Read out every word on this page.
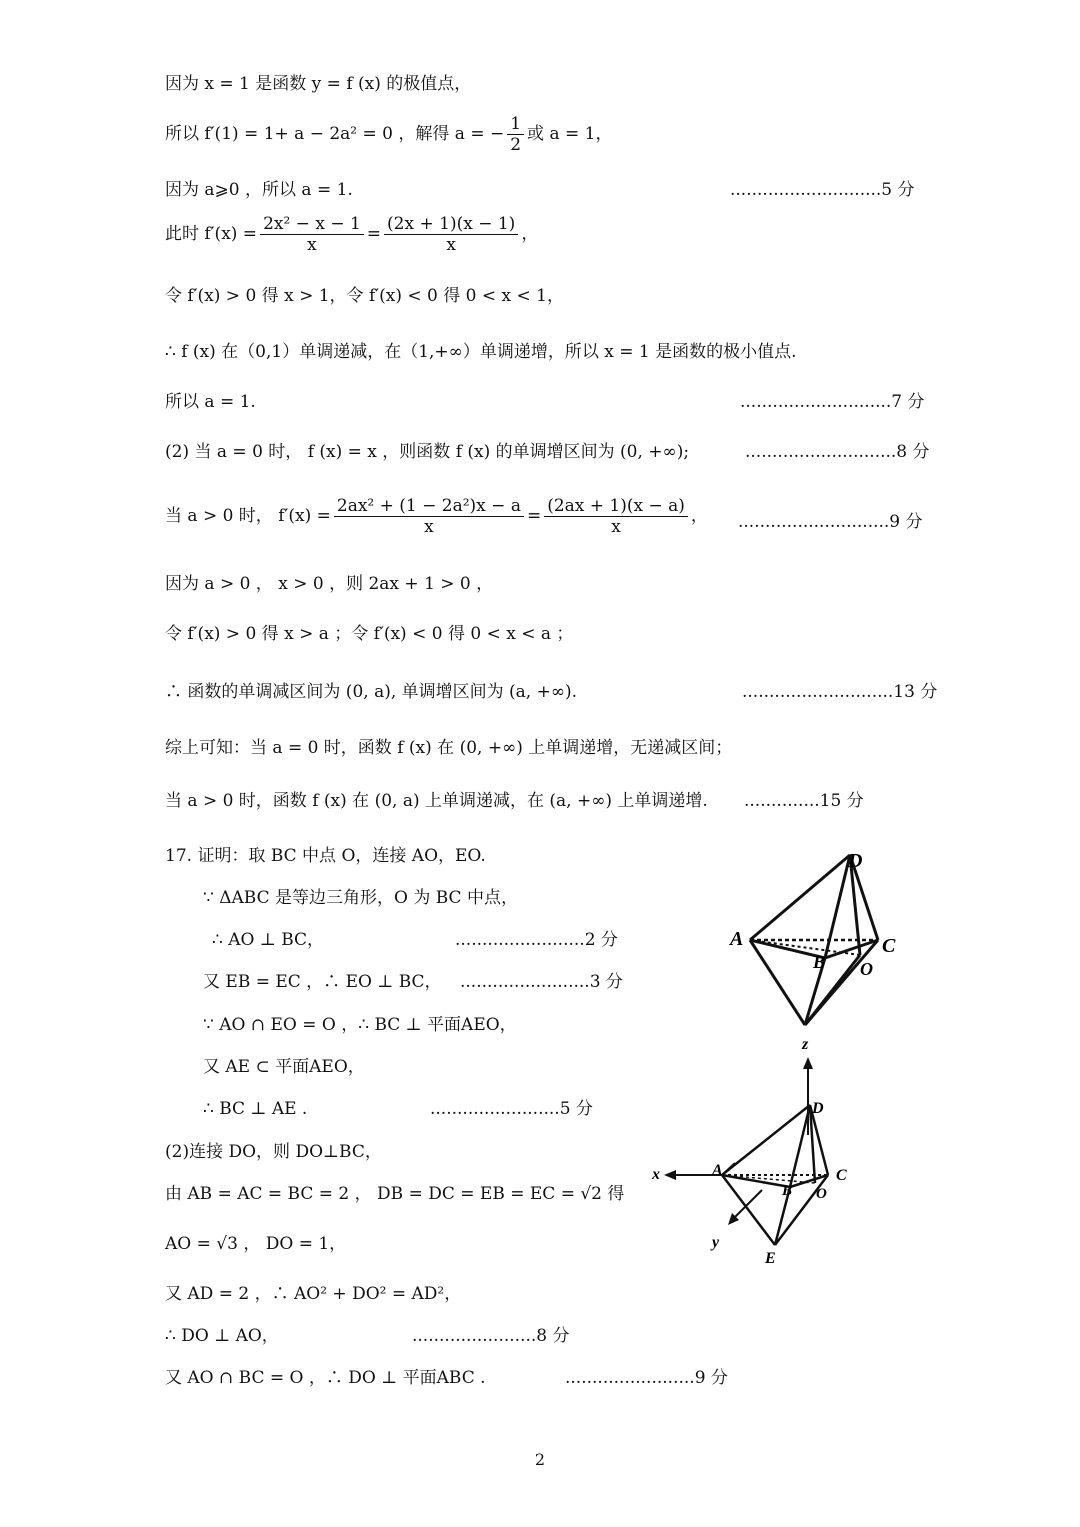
因为 x = 1 是函数 y = f (x) 的极值点，
所以 f′(1) = 1+ a − 2a² = 0 ，解得 a = − $\frac{1}{2}$ 或 a = 1，
因为 a⩾0 ，所以 a = 1.	............................5 分
此时 $f'(x) = \frac{\text{2x² − x − 1}}{x} = \frac{(2x + 1)(x - 1)}{x}$ ，
令 f′(x) > 0 得 x > 1，令 f′(x) < 0 得 0 < x < 1，
∴ f (x) 在（0,1）单调递减，在（1,+∞）单调递增，所以 x = 1 是函数的极小值点.
所以 a = 1.	............................7 分
(2) 当 a = 0 时， f (x) = x ，则函数 f (x) 的单调增区间为 (0, +∞);	............................8 分
当 a > 0 时， $f'(x) = \frac{\text{2ax² + (1 − 2a²)x − a}}{x} = \frac{(2ax + 1)(x - a)}{x}$ ， ............................9 分
因为 a > 0 ， x > 0 ，则 2ax + 1 > 0 ，
令 f′(x) > 0 得 x > a ；令 f′(x) < 0 得 0 < x < a ；
∴ 函数的单调减区间为 (0, a), 单调增区间为 (a, +∞).	............................13 分
综上可知：当 a = 0 时，函数 f (x) 在 (0, +∞) 上单调递增，无递减区间；
当 a > 0 时，函数 f (x) 在 (0, a) 上单调递减，在 (a, +∞) 上单调递增. ..............15 分
17. 证明：取 BC 中点 O，连接 AO，EO.
∵ ΔABC 是等边三角形，O 为 BC 中点，
∴ AO ⊥ BC，	........................2 分
又 EB = EC ，∴ EO ⊥ BC， ........................3 分
∵ AO ∩ EO = O ，∴ BC ⊥ 平面AEO，
又 AE ⊂ 平面AEO，
∴ BC ⊥ AE .	........................5 分
(2)连接 DO，则 DO⊥BC，
由 AB = AC = BC = 2 ， DB = DC = EB = EC = √2 得
AO = √3 ， DO = 1，
又 AD = 2 ，∴ AO² + DO² = AD²，
∴ DO ⊥ AO，	.......................8 分
又 AO ∩ BC = O ，∴ DO ⊥ 平面ABC .	........................9 分
A
B
C
D
O
z
x
y
A
B
C
D
O
E
2
